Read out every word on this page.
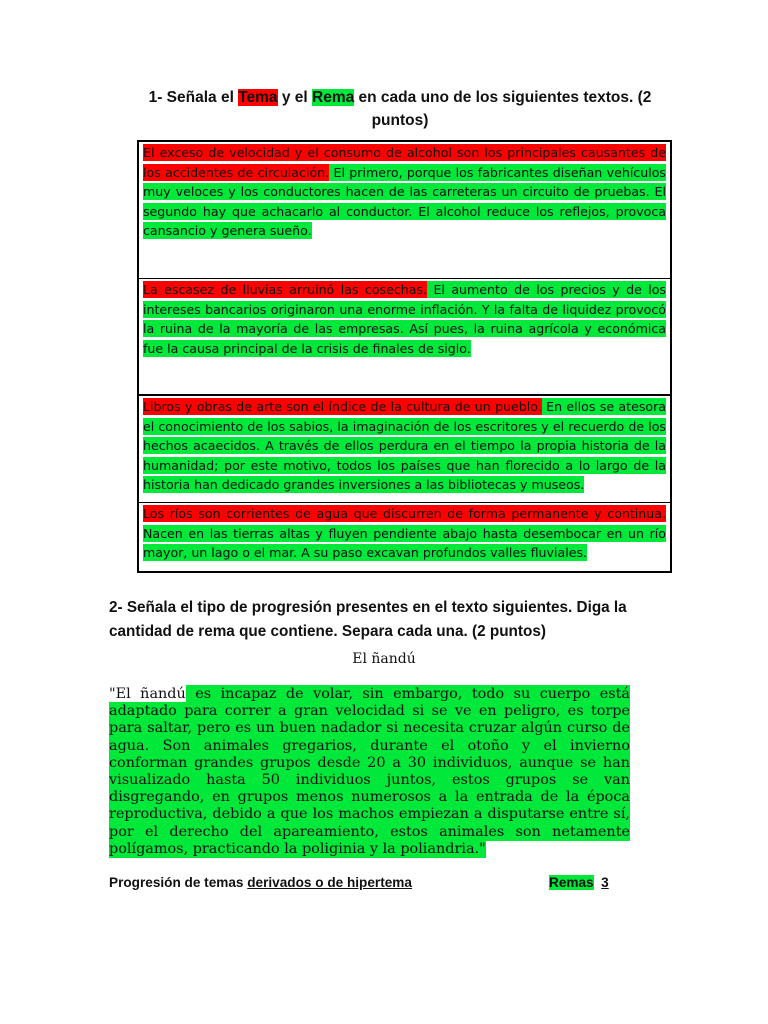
1- Señala el Tema y el Rema en cada uno de los siguientes textos. (2 puntos)
El exceso de velocidad y el consumo de alcohol son los principales causantes de los accidentes de circulación. El primero, porque los fabricantes diseñan vehículos muy veloces y los conductores hacen de las carreteras un circuito de pruebas. El segundo hay que achacarlo al conductor. El alcohol reduce los reflejos, provoca cansancio y genera sueño.
La escasez de lluvias arruinó las cosechas. El aumento de los precios y de los intereses bancarios originaron una enorme inflación. Y la falta de liquidez provocó la ruina de la mayoría de las empresas. Así pues, la ruina agrícola y económica fue la causa principal de la crisis de finales de siglo.
Libros y obras de arte son el índice de la cultura de un pueblo. En ellos se atesora el conocimiento de los sabios, la imaginación de los escritores y el recuerdo de los hechos acaecidos. A través de ellos perdura en el tiempo la propia historia de la humanidad; por este motivo, todos los países que han florecido a lo largo de la historia han dedicado grandes inversiones a las bibliotecas y museos.
Los ríos son corrientes de agua que discurren de forma permanente y continua. Nacen en las tierras altas y fluyen pendiente abajo hasta desembocar en un río mayor, un lago o el mar. A su paso excavan profundos valles fluviales.
2- Señala el tipo de progresión presentes en el texto siguientes. Diga la cantidad de rema que contiene. Separa cada una. (2 puntos)
El ñandú
"El ñandú es incapaz de volar, sin embargo, todo su cuerpo está adaptado para correr a gran velocidad si se ve en peligro, es torpe para saltar, pero es un buen nadador si necesita cruzar algún curso de agua. Son animales gregarios, durante el otoño y el invierno conforman grandes grupos desde 20 a 30 individuos, aunque se han visualizado hasta 50 individuos juntos, estos grupos se van disgregando, en grupos menos numerosos a la entrada de la época reproductiva, debido a que los machos empiezan a disputarse entre sí, por el derecho del apareamiento, estos animales son netamente polígamos, practicando la poliginia y la poliandria."
Progresión de temas derivados o de hipertema	Remas 3
